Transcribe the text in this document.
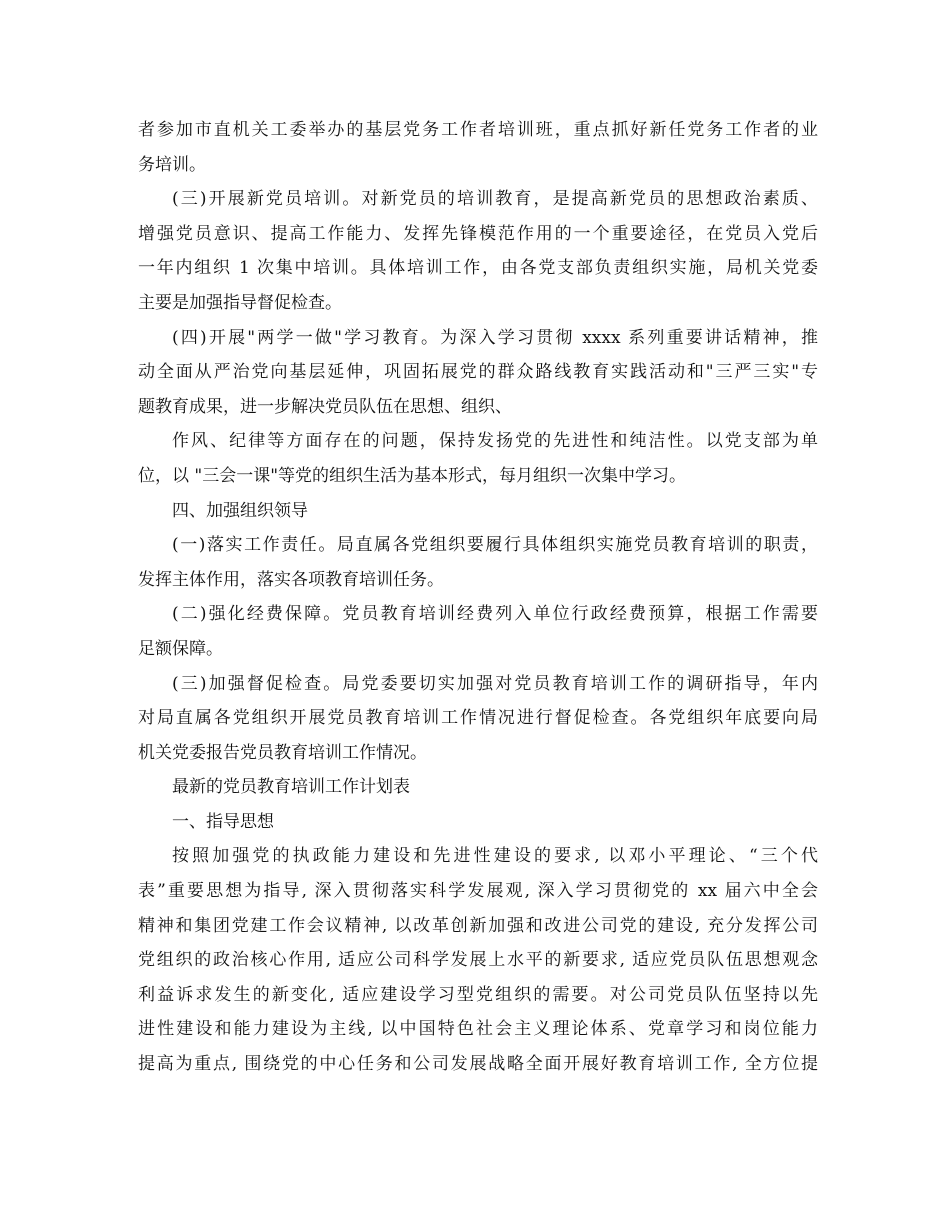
者参加市直机关工委举办的基层党务工作者培训班，重点抓好新任党务工作者的业
务培训。
(三)开展新党员培训。对新党员的培训教育，是提高新党员的思想政治素质、
增强党员意识、提高工作能力、发挥先锋模范作用的一个重要途径，在党员入党后
一年内组织 1 次集中培训。具体培训工作，由各党支部负责组织实施，局机关党委
主要是加强指导督促检查。
(四)开展"两学一做"学习教育。为深入学习贯彻 xxxx 系列重要讲话精神，推
动全面从严治党向基层延伸，巩固拓展党的群众路线教育实践活动和"三严三实"专
题教育成果，进一步解决党员队伍在思想、组织、
作风、纪律等方面存在的问题，保持发扬党的先进性和纯洁性。以党支部为单
位，以 "三会一课"等党的组织生活为基本形式，每月组织一次集中学习。
四、加强组织领导
(一)落实工作责任。局直属各党组织要履行具体组织实施党员教育培训的职责，
发挥主体作用，落实各项教育培训任务。
(二)强化经费保障。党员教育培训经费列入单位行政经费预算，根据工作需要
足额保障。
(三)加强督促检查。局党委要切实加强对党员教育培训工作的调研指导，年内
对局直属各党组织开展党员教育培训工作情况进行督促检查。各党组织年底要向局
机关党委报告党员教育培训工作情况。
最新的党员教育培训工作计划表
一、指导思想
按照加强党的执政能力建设和先进性建设的要求, 以邓小平理论、“三个代
表”重要思想为指导, 深入贯彻落实科学发展观, 深入学习贯彻党的 xx 届六中全会
精神和集团党建工作会议精神, 以改革创新加强和改进公司党的建设, 充分发挥公司
党组织的政治核心作用, 适应公司科学发展上水平的新要求, 适应党员队伍思想观念
利益诉求发生的新变化, 适应建设学习型党组织的需要。对公司党员队伍坚持以先
进性建设和能力建设为主线, 以中国特色社会主义理论体系、党章学习和岗位能力
提高为重点, 围绕党的中心任务和公司发展战略全面开展好教育培训工作, 全方位提
